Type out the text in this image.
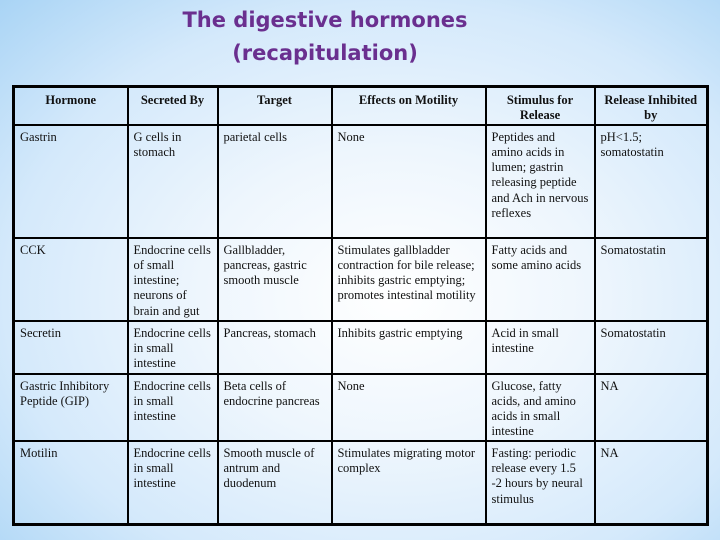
The digestive hormones
(recapitulation)
Hormone	Secreted By	Target	Effects on Motility	Stimulus for Release	Release Inhibited by
Gastrin	G cells in stomach	parietal cells	None	Peptides and amino acids in lumen; gastrin releasing peptide and Ach in nervous reflexes	pH<1.5; somatostatin
CCK	Endocrine cells of small intestine; neurons of brain and gut	Gallbladder, pancreas, gastric smooth muscle	Stimulates gallbladder contraction for bile release; inhibits gastric emptying; promotes intestinal motility	Fatty acids and some amino acids	Somatostatin
Secretin	Endocrine cells in small intestine	Pancreas, stomach	Inhibits gastric emptying	Acid in small intestine	Somatostatin
Gastric Inhibitory Peptide (GIP)	Endocrine cells in small intestine	Beta cells of endocrine pancreas	None	Glucose, fatty acids, and amino acids in small intestine	NA
Motilin	Endocrine cells in small intestine	Smooth muscle of antrum and duodenum	Stimulates migrating motor complex	Fasting: periodic release every 1.5 -2 hours by neural stimulus	NA
